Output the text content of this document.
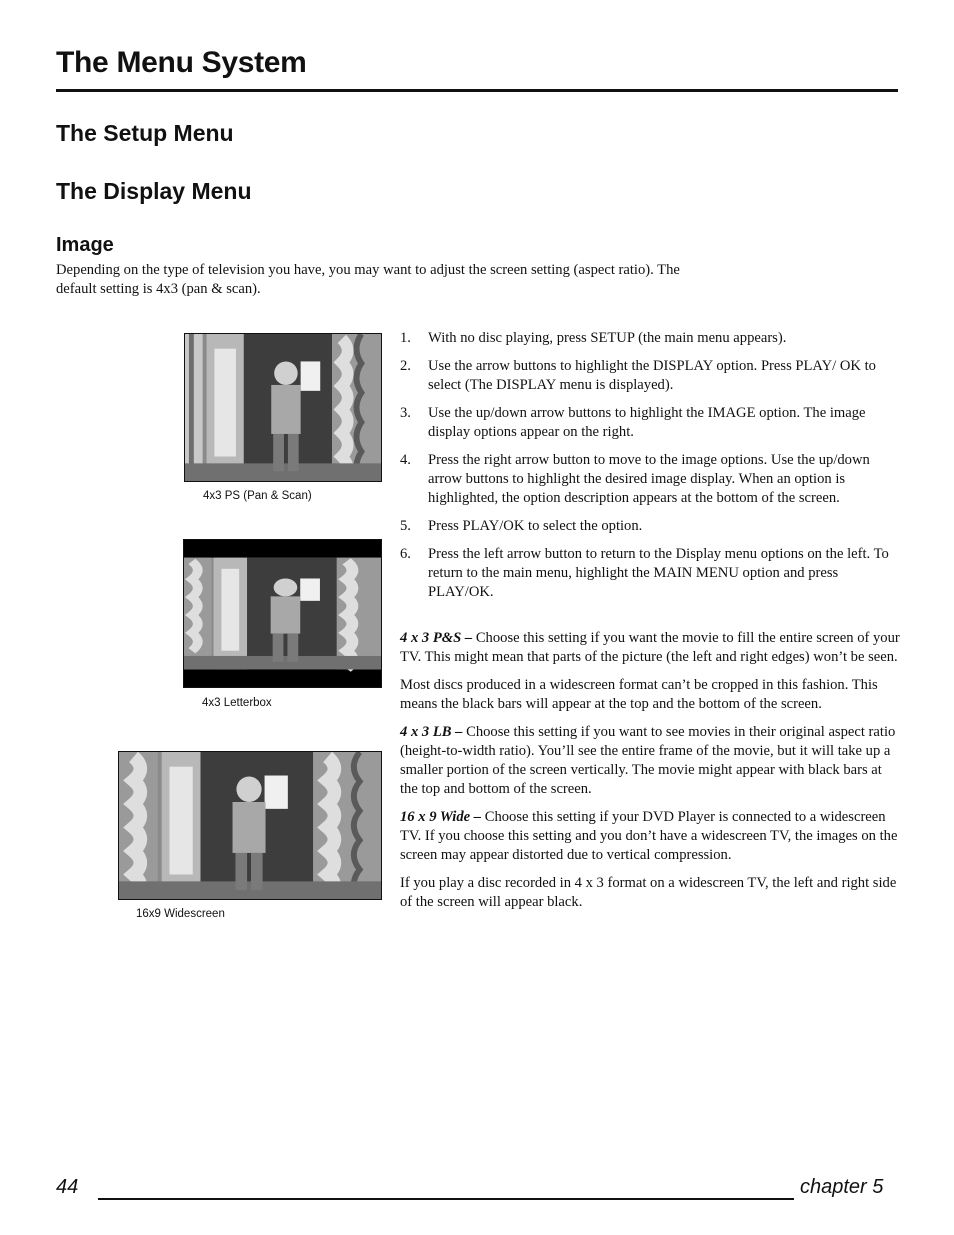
The Menu System
The Setup Menu
The Display Menu
Image

Depending on the type of television you have, you may want to adjust the screen setting (aspect ratio). The default setting is 4x3 (pan & scan).

4x3 PS (Pan & Scan)
4x3 Letterbox
16x9 Widescreen
1.	With no disc playing, press SETUP (the main menu appears).
2.	Use the arrow buttons to highlight the DISPLAY option. Press PLAY/ OK to select (The DISPLAY menu is displayed).
3.	Use the up/down arrow buttons to highlight the IMAGE option. The image display options appear on the right.
4.	Press the right arrow button to move to the image options. Use the up/down arrow buttons to highlight the desired image display. When an option is highlighted, the option description appears at the bottom of the screen.
5.	Press PLAY/OK to select the option.
6.	Press the left arrow button to return to the Display menu options on the left. To return to the main menu, highlight the MAIN MENU option and press PLAY/OK.

4 x 3 P&S – Choose this setting if you want the movie to fill the entire screen of your TV. This might mean that parts of the picture (the left and right edges) won’t be seen.

Most discs produced in a widescreen format can’t be cropped in this fashion. This means the black bars will appear at the top and the bottom of the screen.

4 x 3 LB – Choose this setting if you want to see movies in their original aspect ratio (height-to-width ratio). You’ll see the entire frame of the movie, but it will take up a smaller portion of the screen vertically. The movie might appear with black bars at the top and bottom of the screen.

16 x 9 Wide – Choose this setting if your DVD Player is connected to a widescreen TV. If you choose this setting and you don’t have a widescreen TV, the images on the screen may appear distorted due to vertical compression.

If you play a disc recorded in 4 x 3 format on a widescreen TV, the left and right side of the screen will appear black.

44	chapter 5
